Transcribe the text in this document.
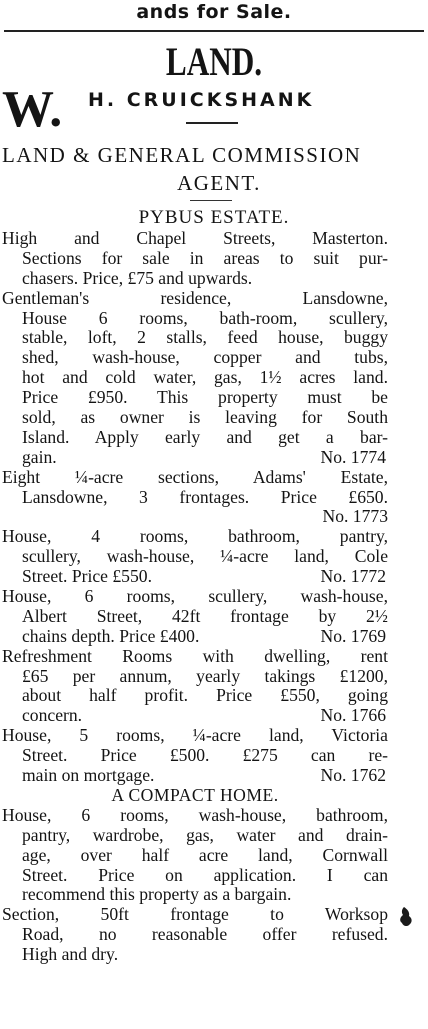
ands for Sale.
LAND.
W. H. CRUICKSHANK
LAND & GENERAL COMMISSION
AGENT.
PYBUS ESTATE.
High and Chapel Streets, Masterton.
Sections for sale in areas to suit pur-
chasers. Price, £75 and upwards.
Gentleman's residence, Lansdowne,
House 6 rooms, bath-room, scullery,
stable, loft, 2 stalls, feed house, buggy
shed, wash-house, copper and tubs,
hot and cold water, gas, 1½ acres land.
Price £950. This property must be
sold, as owner is leaving for South
Island. Apply early and get a bar-
gain.	No. 1774
Eight ¼-acre sections, Adams' Estate,
Lansdowne, 3 frontages. Price £650.
No. 1773
House, 4 rooms, bathroom, pantry,
scullery, wash-house, ¼-acre land, Cole
Street. Price £550.	No. 1772
House, 6 rooms, scullery, wash-house,
Albert Street, 42ft frontage by 2½
chains depth. Price £400.	No. 1769
Refreshment Rooms with dwelling, rent
£65 per annum, yearly takings £1200,
about half profit. Price £550, going
concern.	No. 1766
House, 5 rooms, ¼-acre land, Victoria
Street. Price £500. £275 can re-
main on mortgage.	No. 1762
A COMPACT HOME.
House, 6 rooms, wash-house, bathroom,
pantry, wardrobe, gas, water and drain-
age, over half acre land, Cornwall
Street. Price on application. I can
recommend this property as a bargain.
Section, 50ft frontage to Worksop
Road, no reasonable offer refused.
High and dry.
